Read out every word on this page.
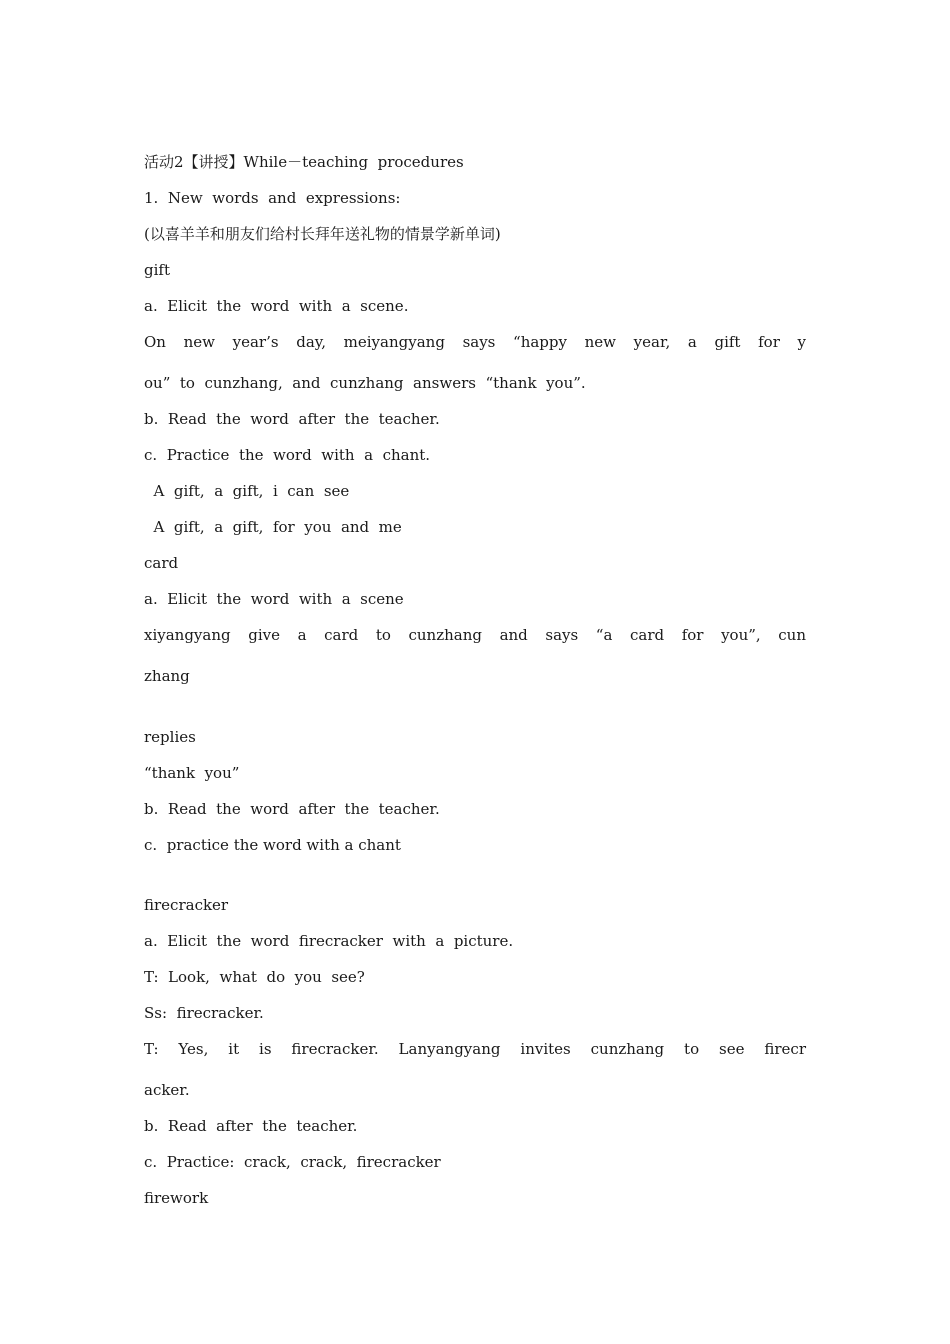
活动2【讲授】While－teaching  procedures

1.  New  words  and  expressions:

(以喜羊羊和朋友们给村长拜年送礼物的情景学新单词)

gift

a.  Elicit  the  word  with  a  scene.

On new year’s day, meiyangyang says “happy new year, a gift for y

ou”  to  cunzhang,  and  cunzhang  answers  “thank  you”.

b.  Read  the  word  after  the  teacher.

c.  Practice  the  word  with  a  chant.

A  gift,  a  gift,  i  can  see

A  gift,  a  gift,  for  you  and  me

card

a.  Elicit  the  word  with  a  scene

xiyangyang give a card to cunzhang and says “a card for you”, cun

zhang

replies

“thank  you”

b.  Read  the  word  after  the  teacher.

c.  practice the word with a chant

firecracker

a.  Elicit  the  word  firecracker  with  a  picture.

T:  Look,  what  do  you  see?

Ss:  firecracker.

T: Yes, it is firecracker. Lanyangyang invites cunzhang to see firecr

acker.

b.  Read  after  the  teacher.

c.  Practice:  crack,  crack,  firecracker

firework
